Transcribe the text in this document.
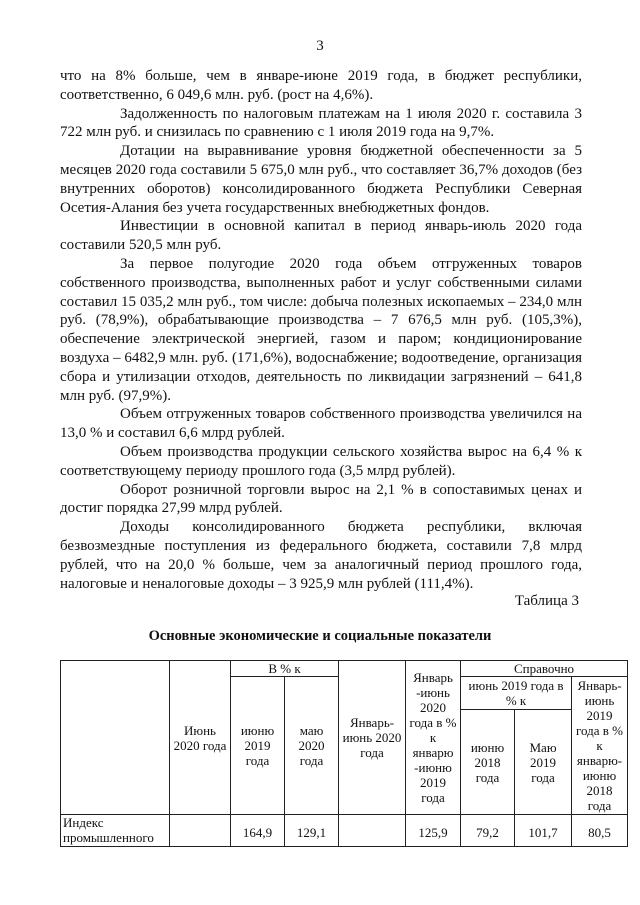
3

что на 8% больше, чем в январе-июне 2019 года, в бюджет республики, соответственно, 6 049,6 млн. руб. (рост на 4,6%).

Задолженность по налоговым платежам на 1 июля 2020 г. составила 3 722 млн руб. и снизилась по сравнению с 1 июля 2019 года на 9,7%.

Дотации на выравнивание уровня бюджетной обеспеченности за 5 месяцев 2020 года составили 5 675,0 млн руб., что составляет 36,7% доходов (без внутренних оборотов) консолидированного бюджета Республики Северная Осетия-Алания без учета государственных внебюджетных фондов.

Инвестиции в основной капитал в период январь-июль 2020 года составили 520,5 млн руб.

За первое полугодие 2020 года объем отгруженных товаров собственного производства, выполненных работ и услуг собственными силами составил 15 035,2 млн руб., том числе: добыча полезных ископаемых – 234,0 млн руб. (78,9%), обрабатывающие производства – 7 676,5 млн руб. (105,3%), обеспечение электрической энергией, газом и паром; кондиционирование воздуха – 6482,9 млн. руб. (171,6%), водоснабжение; водоотведение, организация сбора и утилизации отходов, деятельность по ликвидации загрязнений – 641,8 млн руб. (97,9%).

Объем отгруженных товаров собственного производства увеличился на 13,0 % и составил 6,6 млрд рублей.

Объем производства продукции сельского хозяйства вырос на 6,4 % к соответствующему периоду прошлого года (3,5 млрд рублей).

Оборот розничной торговли вырос на 2,1 % в сопоставимых ценах и достиг порядка 27,99 млрд рублей.

Доходы консолидированного бюджета республики, включая безвозмездные поступления из федерального бюджета, составили 7,8 млрд рублей, что на 20,0 % больше, чем за аналогичный период прошлого года, налоговые и неналоговые доходы – 3 925,9 млн рублей (111,4%).

Таблица 3
Основные экономические и социальные показатели
	Июнь 2020 года	В % к		Январь-июнь 2020 года	Январь -июнь 2020 года в % к январю -июню 2019 года	Справочно		
		июню 2019 года	маю 2020 года			июнь 2019 года в % к		Январь-июнь 2019 года в % к январю-июню 2018 года
						июню 2018 года	Маю 2019 года	
Индекс промышленного		164,9	129,1		125,9	79,2	101,7	80,5
